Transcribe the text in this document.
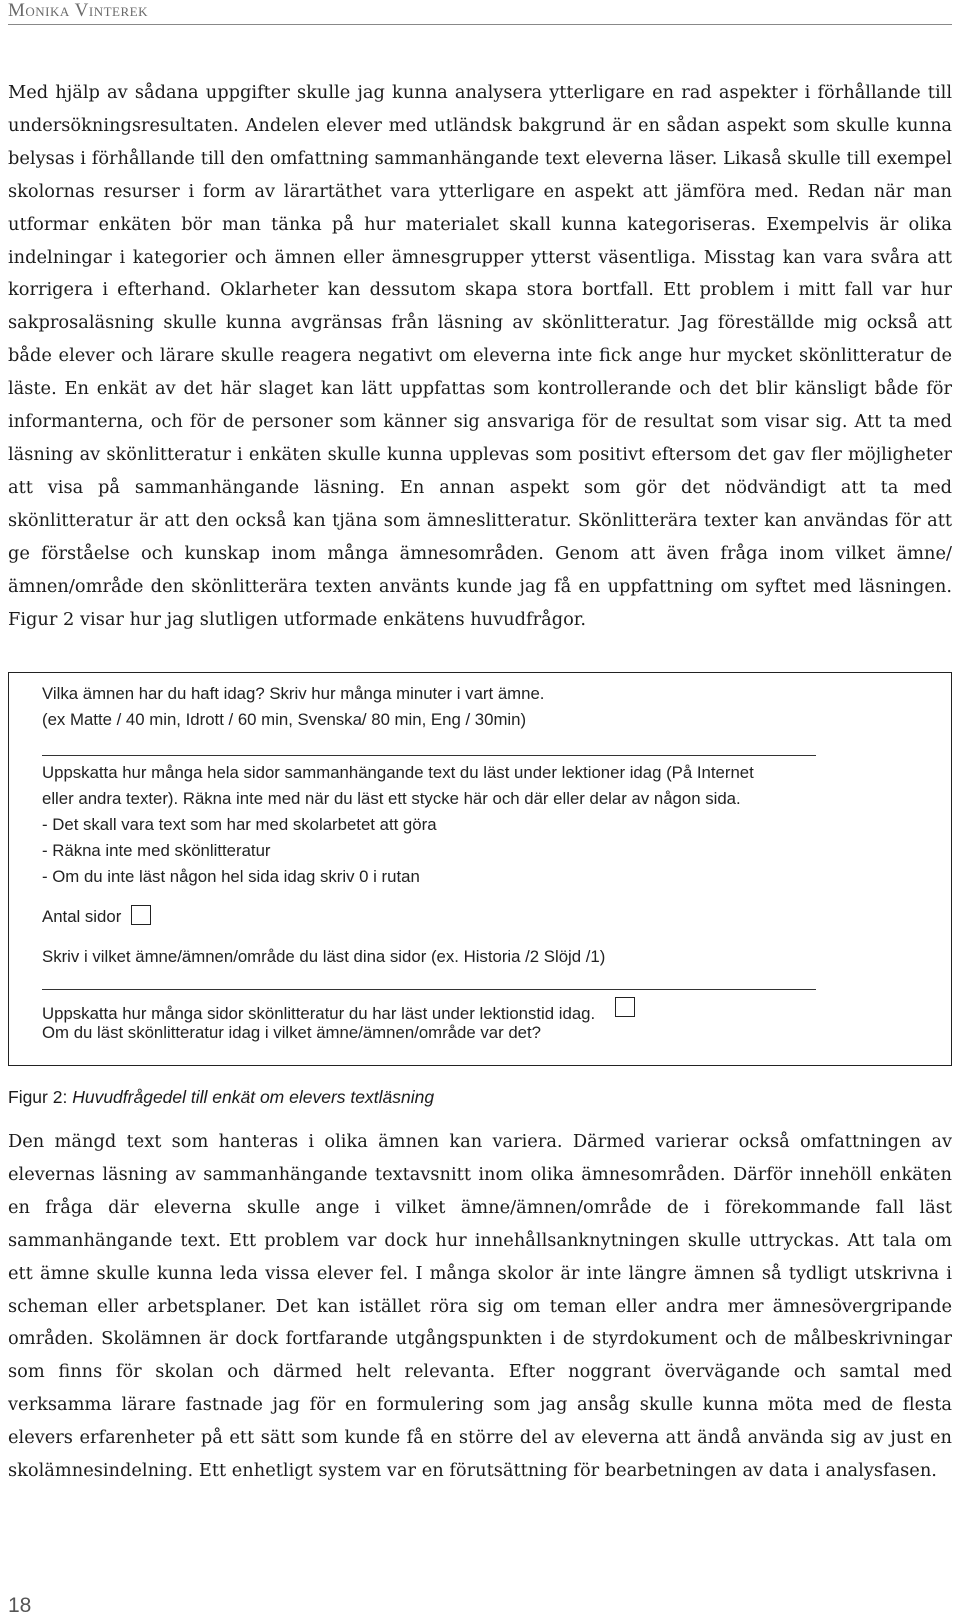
Monika Vinterek

Med hjälp av sådana uppgifter skulle jag kunna analysera ytterligare en rad aspekter i förhållande till undersökningsresultaten. Andelen elever med utländsk bakgrund är en sådan aspekt som skulle kunna belysas i förhållande till den omfattning sammanhängande text eleverna läser. Likaså skulle till exempel skolornas resurser i form av lärartäthet vara ytterligare en aspekt att jämföra med. Redan när man utformar enkäten bör man tänka på hur materialet skall kunna kategoriseras. Exempelvis är olika indelningar i kategorier och ämnen eller ämnesgrupper ytterst väsentliga. Misstag kan vara svåra att korrigera i efterhand. Oklarheter kan dessutom skapa stora bortfall. Ett problem i mitt fall var hur sakprosaläsning skulle kunna avgränsas från läsning av skönlitteratur. Jag föreställde mig också att både elever och lärare skulle reagera negativt om eleverna inte fick ange hur mycket skönlitteratur de läste. En enkät av det här slaget kan lätt uppfattas som kontrollerande och det blir känsligt både för informanterna, och för de personer som känner sig ansvariga för de resultat som visar sig. Att ta med läsning av skönlitteratur i enkäten skulle kunna upplevas som positivt eftersom det gav fler möjligheter att visa på sammanhängande läsning. En annan aspekt som gör det nödvändigt att ta med skönlitteratur är att den också kan tjäna som ämneslitteratur. Skönlitterära texter kan användas för att ge förståelse och kunskap inom många ämnesområden. Genom att även fråga inom vilket ämne/ämnen/område den skönlitterära texten använts kunde jag få en uppfattning om syftet med läsningen. Figur 2 visar hur jag slutligen utformade enkätens huvudfrågor.

Vilka ämnen har du haft idag? Skriv hur många minuter i vart ämne.
(ex Matte / 40 min, Idrott / 60 min, Svenska/ 80 min, Eng / 30min)
Uppskatta hur många hela sidor sammanhängande text du läst under lektioner idag (På Internet
eller andra texter). Räkna inte med när du läst ett stycke här och där eller delar av någon sida.
- Det skall vara text som har med skolarbetet att göra
- Räkna inte med skönlitteratur
- Om du inte läst någon hel sida idag skriv 0 i rutan
Antal sidor
Skriv i vilket ämne/ämnen/område du läst dina sidor (ex. Historia /2 Slöjd /1)
Uppskatta hur många sidor skönlitteratur du har läst under lektionstid idag.
Om du läst skönlitteratur idag i vilket ämne/ämnen/område var det?
Figur 2: Huvudfrågedel till enkät om elevers textläsning

Den mängd text som hanteras i olika ämnen kan variera. Därmed varierar också omfattningen av elevernas läsning av sammanhängande textavsnitt inom olika ämnesområden. Därför innehöll enkäten en fråga där eleverna skulle ange i vilket ämne/ämnen/område de i förekommande fall läst sammanhängande text. Ett problem var dock hur innehållsanknytningen skulle uttryckas. Att tala om ett ämne skulle kunna leda vissa elever fel. I många skolor är inte längre ämnen så tydligt utskrivna i scheman eller arbetsplaner. Det kan istället röra sig om teman eller andra mer ämnesövergripande områden. Skolämnen är dock fortfarande utgångspunkten i de styrdokument och de målbeskrivningar som finns för skolan och därmed helt relevanta. Efter noggrant övervägande och samtal med verksamma lärare fastnade jag för en formulering som jag ansåg skulle kunna möta med de flesta elevers erfarenheter på ett sätt som kunde få en större del av eleverna att ändå använda sig av just en skolämnesindelning. Ett enhetligt system var en förutsättning för bearbetningen av data i analysfasen.

18
